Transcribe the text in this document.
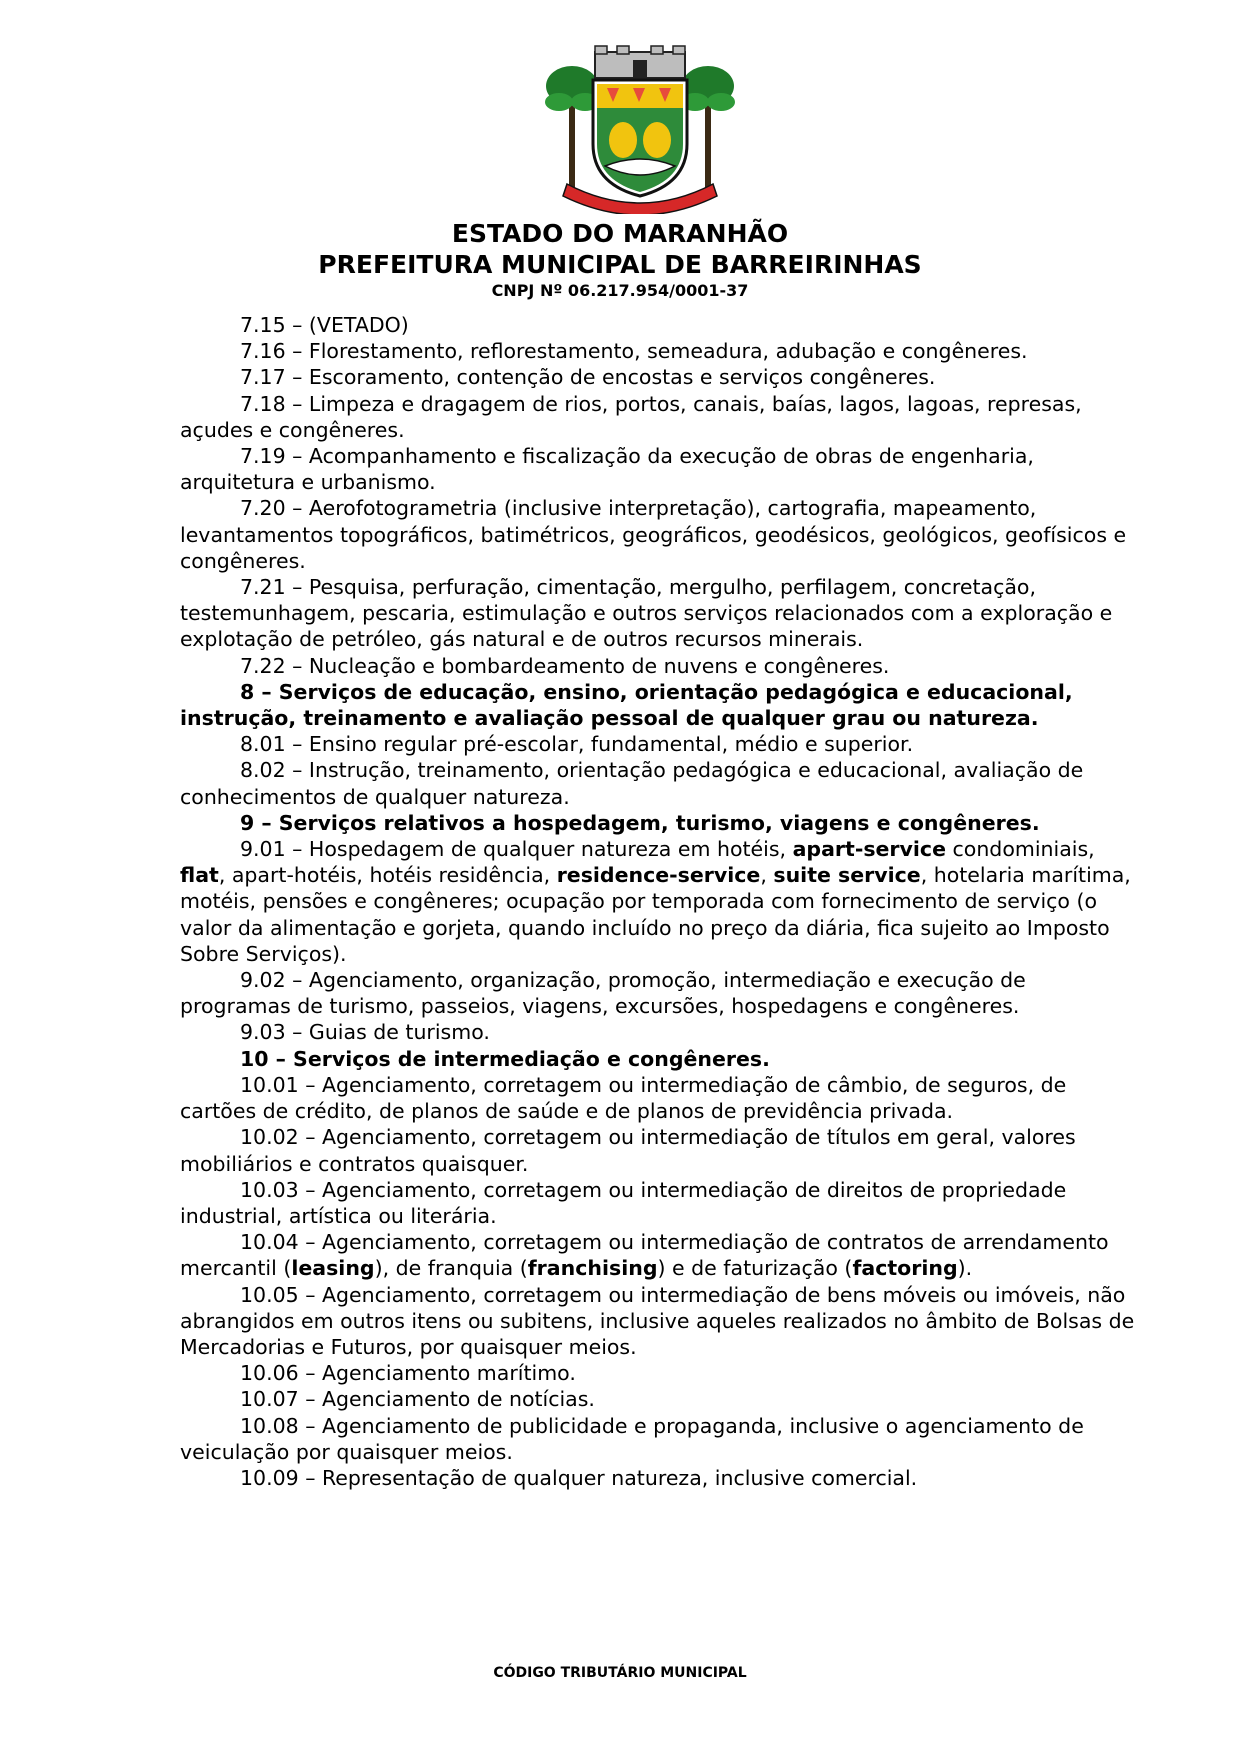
ESTADO DO MARANHÃO
PREFEITURA MUNICIPAL DE BARREIRINHAS
CNPJ Nº 06.217.954/0001-37

7.15 – (VETADO)

7.16 – Florestamento, reflorestamento, semeadura, adubação e congêneres.

7.17 – Escoramento, contenção de encostas e serviços congêneres.

7.18 – Limpeza e dragagem de rios, portos, canais, baías, lagos, lagoas, represas, açudes e congêneres.

7.19 – Acompanhamento e fiscalização da execução de obras de engenharia, arquitetura e urbanismo.

7.20 – Aerofotogrametria (inclusive interpretação), cartografia, mapeamento, levantamentos topográficos, batimétricos, geográficos, geodésicos, geológicos, geofísicos e congêneres.

7.21 – Pesquisa, perfuração, cimentação, mergulho, perfilagem, concretação, testemunhagem, pescaria, estimulação e outros serviços relacionados com a exploração e explotação de petróleo, gás natural e de outros recursos minerais.

7.22 – Nucleação e bombardeamento de nuvens e congêneres.

8 – Serviços de educação, ensino, orientação pedagógica e educacional, instrução, treinamento e avaliação pessoal de qualquer grau ou natureza.

8.01 – Ensino regular pré-escolar, fundamental, médio e superior.

8.02 – Instrução, treinamento, orientação pedagógica e educacional, avaliação de conhecimentos de qualquer natureza.

9 – Serviços relativos a hospedagem, turismo, viagens e congêneres.

9.01 – Hospedagem de qualquer natureza em hotéis, apart-service condominiais, flat, apart-hotéis, hotéis residência, residence-service, suite service, hotelaria marítima, motéis, pensões e congêneres; ocupação por temporada com fornecimento de serviço (o valor da alimentação e gorjeta, quando incluído no preço da diária, fica sujeito ao Imposto Sobre Serviços).

9.02 – Agenciamento, organização, promoção, intermediação e execução de programas de turismo, passeios, viagens, excursões, hospedagens e congêneres.

9.03 – Guias de turismo.

10 – Serviços de intermediação e congêneres.

10.01 – Agenciamento, corretagem ou intermediação de câmbio, de seguros, de cartões de crédito, de planos de saúde e de planos de previdência privada.

10.02 – Agenciamento, corretagem ou intermediação de títulos em geral, valores mobiliários e contratos quaisquer.

10.03 – Agenciamento, corretagem ou intermediação de direitos de propriedade industrial, artística ou literária.

10.04 – Agenciamento, corretagem ou intermediação de contratos de arrendamento mercantil (leasing), de franquia (franchising) e de faturização (factoring).

10.05 – Agenciamento, corretagem ou intermediação de bens móveis ou imóveis, não abrangidos em outros itens ou subitens, inclusive aqueles realizados no âmbito de Bolsas de Mercadorias e Futuros, por quaisquer meios.

10.06 – Agenciamento marítimo.

10.07 – Agenciamento de notícias.

10.08 – Agenciamento de publicidade e propaganda, inclusive o agenciamento de veiculação por quaisquer meios.

10.09 – Representação de qualquer natureza, inclusive comercial.

CÓDIGO TRIBUTÁRIO MUNICIPAL
